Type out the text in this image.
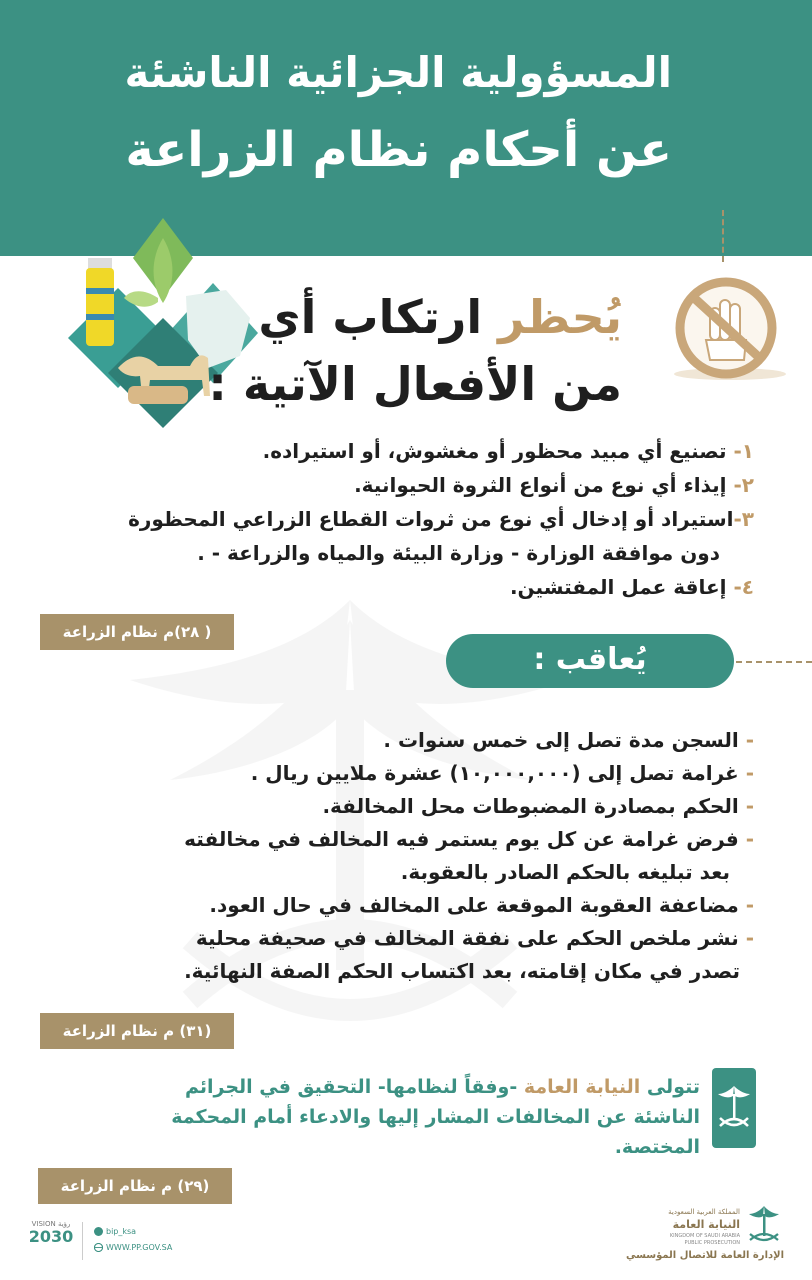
المسؤولية الجزائية الناشئة
عن أحكام نظام الزراعة
يُحظر ارتكاب أي
من الأفعال الآتية :
١- تصنيع أي مبيد محظور أو مغشوش، أو استيراده.
٢- إيذاء أي نوع من أنواع الثروة الحيوانية.
٣-استيراد أو إدخال أي نوع من ثروات القطاع الزراعي المحظورة
دون موافقة الوزارة - وزارة البيئة والمياه والزراعة - .
٤- إعاقة عمل المفتشين.
( ٢٨)م نظام الزراعة
يُعاقب :
- السجن مدة تصل إلى خمس سنوات .
- غرامة تصل إلى (١٠,٠٠٠,٠٠٠) عشرة ملايين ريال .
- الحكم بمصادرة المضبوطات محل المخالفة.
- فرض غرامة عن كل يوم يستمر فيه المخالف في مخالفته
بعد تبليغه بالحكم الصادر بالعقوبة.
- مضاعفة العقوبة الموقعة على المخالف في حال العود.
- نشر ملخص الحكم على نفقة المخالف في صحيفة محلية
تصدر في مكان إقامته، بعد اكتساب الحكم الصفة النهائية.
(٣١) م نظام الزراعة
تتولى النيابة العامة -وفقاً لنظامها- التحقيق في الجرائم الناشئة عن المخالفات المشار إليها والادعاء أمام المحكمة المختصة.
(٢٩) م نظام الزراعة
VISION رؤية
2030	bip_ksa
WWW.PP.GOV.SA
المملكة العربية السعودية
النيابة العامة
KINGDOM OF SAUDI ARABIA
PUBLIC PROSECUTION
الإدارة العامة للاتصال المؤسسي
